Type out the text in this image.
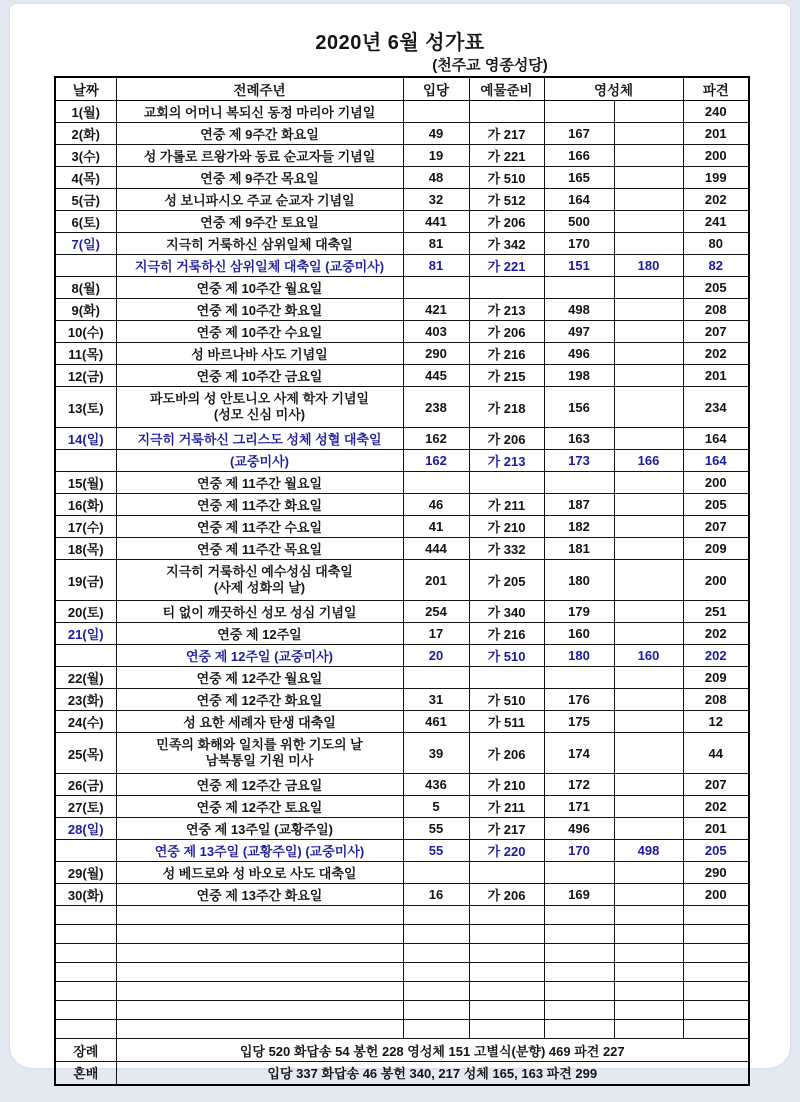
2020년 6월 성가표
(천주교 영종성당)
날짜	전례주년	입당	예물준비	영성체		파견
1(월)	교회의 어머니 복되신 동정 마리아 기념일					240
2(화)	연중 제 9주간 화요일	49	가 217	167		201
3(수)	성 가롤로 르왕가와 동료 순교자들 기념일	19	가 221	166		200
4(목)	연중 제 9주간 목요일	48	가 510	165		199
5(금)	성 보니파시오 주교 순교자 기념일	32	가 512	164		202
6(토)	연중 제 9주간 토요일	441	가 206	500		241
7(일)	지극히 거룩하신 삼위일체 대축일	81	가 342	170		80

	지극히 거룩하신 삼위일체 대축일 (교중미사)	81	가 221	151	180	82
8(월)	연중 제 10주간 월요일					205
9(화)	연중 제 10주간 화요일	421	가 213	498		208
10(수)	연중 제 10주간 수요일	403	가 206	497		207
11(목)	성 바르나바 사도 기념일	290	가 216	496		202
12(금)	연중 제 10주간 금요일	445	가 215	198		201
13(토)	파도바의 성 안토니오 사제 학자 기념일
(성모 신심 미사)	238	가 218	156		234
14(일)	지극히 거룩하신 그리스도 성체 성혈 대축일	162	가 206	163		164

	(교중미사)	162	가 213	173	166	164
15(월)	연중 제 11주간 월요일					200
16(화)	연중 제 11주간 화요일	46	가 211	187		205
17(수)	연중 제 11주간 수요일	41	가 210	182		207
18(목)	연중 제 11주간 목요일	444	가 332	181		209
19(금)	지극히 거룩하신 예수성심 대축일
(사제 성화의 날)	201	가 205	180		200
20(토)	티 없이 깨끗하신 성모 성심 기념일	254	가 340	179		251
21(일)	연중 제 12주일	17	가 216	160		202

	연중 제 12주일 (교중미사)	20	가 510	180	160	202
22(월)	연중 제 12주간 월요일					209
23(화)	연중 제 12주간 화요일	31	가 510	176		208
24(수)	성 요한 세례자 탄생 대축일	461	가 511	175		12
25(목)	민족의 화해와 일치를 위한 기도의 날
남북통일 기원 미사	39	가 206	174		44
26(금)	연중 제 12주간 금요일	436	가 210	172		207
27(토)	연중 제 12주간 토요일	5	가 211	171		202
28(일)	연중 제 13주일 (교황주일)	55	가 217	496		201

	연중 제 13주일 (교황주일) (교중미사)	55	가 220	170	498	205
29(월)	성 베드로와 성 바오로 사도 대축일					290
30(화)	연중 제 13주간 화요일	16	가 206	169		200

장례	입당 520 화답송 54 봉헌 228 영성체 151 고별식(분향) 469 파견 227					
혼배	입당 337 화답송 46 봉헌 340, 217 성체 165, 163 파견 299					
